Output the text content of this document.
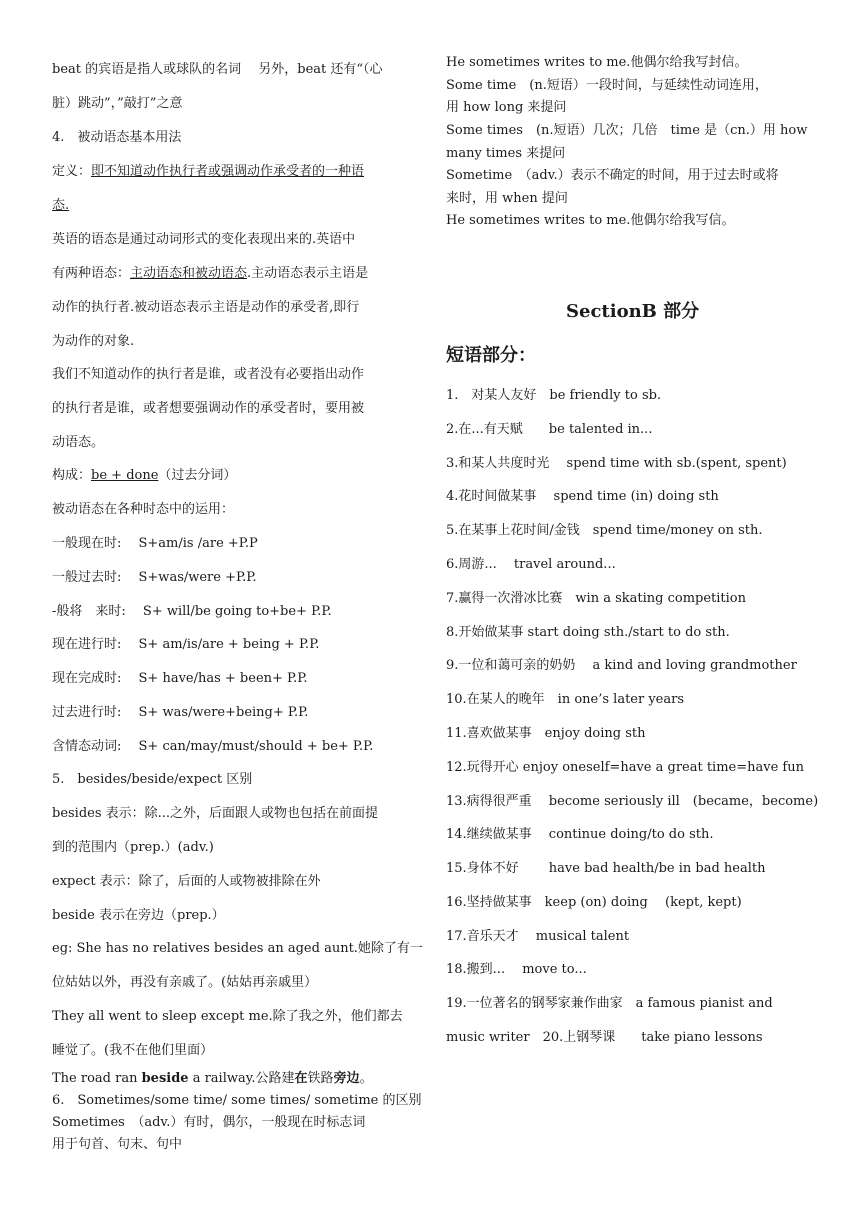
beat 的宾语是指人或球队的名词　 另外，beat 还有“（心
脏）跳动”，”敲打”之意
4.　被动语态基本用法
定义：即不知道动作执行者或强调动作承受者的一种语
态.
英语的语态是通过动词形式的变化表现出来的.英语中
有两种语态：主动语态和被动语态.主动语态表示主语是
动作的执行者.被动语态表示主语是动作的承受者,即行
为动作的对象.
我们不知道动作的执行者是谁，或者没有必要指出动作
的执行者是谁，或者想要强调动作的承受者时，要用被
动语态。
构成：be + done（过去分词）
被动语态在各种时态中的运用：
一般现在时:　 S+am/is /are +P.P
一般过去时:　 S+was/were +P.P.
-般将　来时:　 S+ will/be going to+be+ P.P.
现在进行时:　 S+ am/is/are + being + P.P.
现在完成时:　 S+ have/has + been+ P.P.
过去进行时:　 S+ was/were+being+ P.P.
含情态动词:　 S+ can/may/must/should + be+ P.P.
5.　besides/beside/expect 区别
besides 表示：除...之外，后面跟人或物也包括在前面提
到的范围内（prep.）(adv.)
expect 表示：除了，后面的人或物被排除在外
beside 表示在旁边（prep.）
eg: She has no relatives besides an aged aunt.她除了有一
位姑姑以外，再没有亲戚了。(姑姑再亲戚里）
They all went to sleep except me.除了我之外，他们都去
睡觉了。(我不在他们里面）
The road ran beside a railway.公路建在铁路旁边。
6.　Sometimes/some time/ some times/ sometime 的区别
Sometimes　（adv.）有时，偶尔，一般现在时标志词
用于句首、句末、句中
He sometimes writes to me.他偶尔给我写封信。
Some time　(n.短语）一段时间，与延续性动词连用，
用 how long 来提问
Some times　(n.短语）几次；几倍　time 是（cn.）用 how
many times 来提问
Sometime　（adv.）表示不确定的时间，用于过去时或将
来时，用 when 提问
He sometimes writes to me.他偶尔给我写信。
SectionB 部分
短语部分：
1.　对某人友好　be friendly to sb.
2.在...有天赋　　be talented in...
3.和某人共度时光　 spend time with sb.(spent, spent)
4.花时间做某事　 spend time (in) doing sth
5.在某事上花时间/金钱　spend time/money on sth.
6.周游...　 travel around...
7.赢得一次滑冰比赛　win a skating competition
8.开始做某事 start doing sth./start to do sth.
9.一位和蔼可亲的奶奶　 a kind and loving grandmother
10.在某人的晚年　in one’s later years
11.喜欢做某事　enjoy doing sth
12.玩得开心 enjoy oneself=have a great time=have fun
13.病得很严重　 become seriously ill　(became，become)
14.继续做某事　 continue doing/to do sth.
15.身体不好　　 have bad health/be in bad health
16.坚持做某事　keep (on) doing　 (kept, kept)
17.音乐天才　 musical talent
18.搬到...　 move to...
19.一位著名的钢琴家兼作曲家　a famous pianist and
music writer　20.上钢琴课　　take piano lessons
